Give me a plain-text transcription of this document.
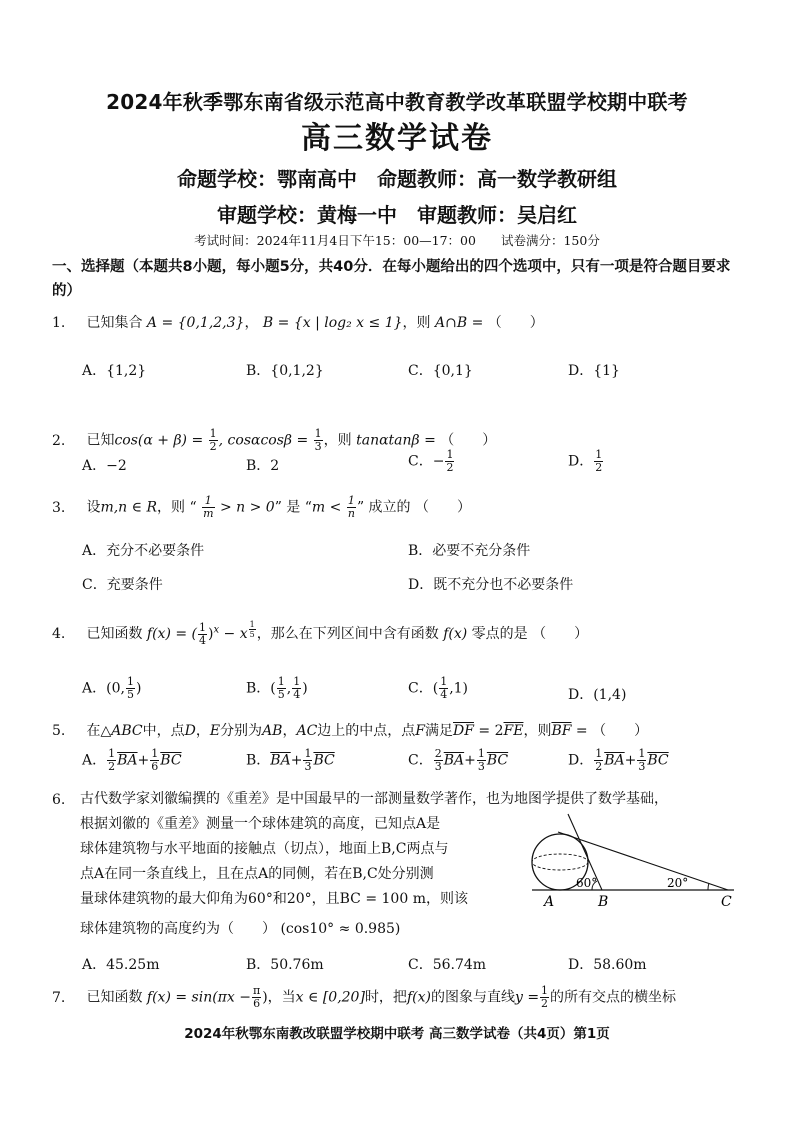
2024年秋季鄂东南省级示范高中教育教学改革联盟学校期中联考
高三数学试卷
命题学校：鄂南高中　命题教师：高一数学教研组
审题学校：黄梅一中　审题教师：吴启红
考试时间：2024年11月4日下午15：00—17：00　　试卷满分：150分
一、选择题（本题共8小题，每小题5分，共40分．在每小题给出的四个选项中，只有一项是符合题目要求的）
1. 已知集合 A = {0,1,2,3}， B = {x | log₂ x ≤ 1}，则 A∩B = （　　）
A．{1,2}	B．{0,1,2}	C．{0,1}	D．{1}
2. 已知$\cos(\alpha + \beta) = \frac{1}{2}$ , $\cos\alpha\cos\beta = \frac{1}{3}$ ，则 tanαtanβ = （　　）
A．−2	B．2	C．− $\frac{1}{2}$	D． $\frac{1}{2}$
3. 设m,n ∈ R，则 “ $\frac{1}{m} > n > 0$” 是 “$m < \frac{1}{n}$ ” 成立的 （　　）
A．充分不必要条件	B．必要不充分条件
C．充要条件	D．既不充分也不必要条件
4. 已知函数 f(x) = ( $\frac{1}{4} )^x - x$ $^{\frac{1}{5}}$ ，那么在下列区间中含有函数 f(x) 零点的是 （　　）
A．(0, $\frac{1}{5}$ )	B．( $\frac{1}{5}$ , $\frac{1}{4}$ )	C．( $\frac{1}{4} ,1$)	D．(1,4)
5. 在△ABC中，点D，E分别为AB，AC边上的中点，点F满足$\overline{DF} = 2\overline{FE}$，则$\overline{BF}$ = （　　）
A． $\frac{1}{2} \overline{BA}+ \frac{1}{6} \overline{BC}$	B．$\overline{BA}+ \frac{1}{3} \overline{BC}$	C． $\frac{2}{3} \overline{BA}+ \frac{1}{3} \overline{BC}$	D． $\frac{1}{2} \overline{BA}+ \frac{1}{3} \overline{BC}$
6. 古代数学家刘徽编撰的《重差》是中国最早的一部测量数学著作，也为地图学提供了数学基础，
根据刘徽的《重差》测量一个球体建筑的高度，已知点A是
球体建筑物与水平地面的接触点（切点），地面上B,C两点与
点A在同一条直线上，且在点A的同侧，若在B,C处分别测
量球体建筑物的最大仰角为60°和20°，且BC = 100 m，则该
球体建筑物的高度约为（　　） (cos10° ≈ 0.985)
A	B	C
60°	20°
A．45.25m	B．50.76m	C．56.74m	D．58.60m
7. 已知函数 $f(x) = \sin(\pi x - \frac{\pi}{6}$ )，当x ∈ [0,20]时，把f(x)的图象与直线$y = \frac{1}{2}$ 的所有交点的横坐标
2024年秋鄂东南教改联盟学校期中联考 高三数学试卷（共4页）第1页
